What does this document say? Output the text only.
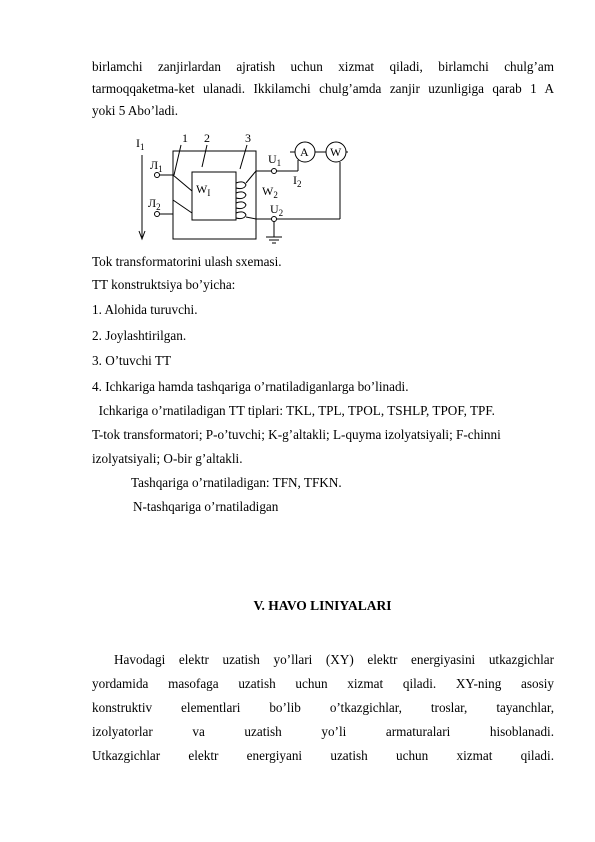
birlamchi zanjirlardan ajratish uchun xizmat qiladi, birlamchi chulg’am

tarmoqqaketma-ket ulanadi. Ikkilamchi chulg’amda zanjir uzunligiga qarab 1 A

yoki 5 Abo’ladi.

$I_1$
$Л_1$
$Л_2$
1 2	3
$W_I$	$W_2$
$U_1$
$U_2$
$I_2$
A W
Tok transformatorini ulash sxemasi.
TT konstruktsiya bo’yicha:
1. Alohida turuvchi.
2. Joylashtirilgan.
3. O’tuvchi TT
4. Ichkariga hamda tashqariga o’rnatiladiganlarga bo’linadi.
Ichkariga o’rnatiladigan TT tiplari: TKL, TPL, TPOL, TSHLP, TPOF, TPF.
T-tok transformatori; P-o’tuvchi; K-g’altakli; L-quyma izolyatsiyali; F-chinni
izolyatsiyali; O-bir g’altakli.
Tashqariga o’rnatiladigan: TFN, TFKN.
N-tashqariga o’rnatiladigan
V. HAVO LINIYALARI

Havodagi elektr uzatish yo’llari (XY) elektr energiyasini utkazgichlar

yordamida masofaga uzatish uchun xizmat qiladi. XY-ning asosiy

konstruktiv elementlari bo’lib o’tkazgichlar, troslar, tayanchlar,

izolyatorlar va uzatish yo’li armaturalari hisoblanadi.

Utkazgichlar elektr energiyani uzatish uchun xizmat qiladi.
